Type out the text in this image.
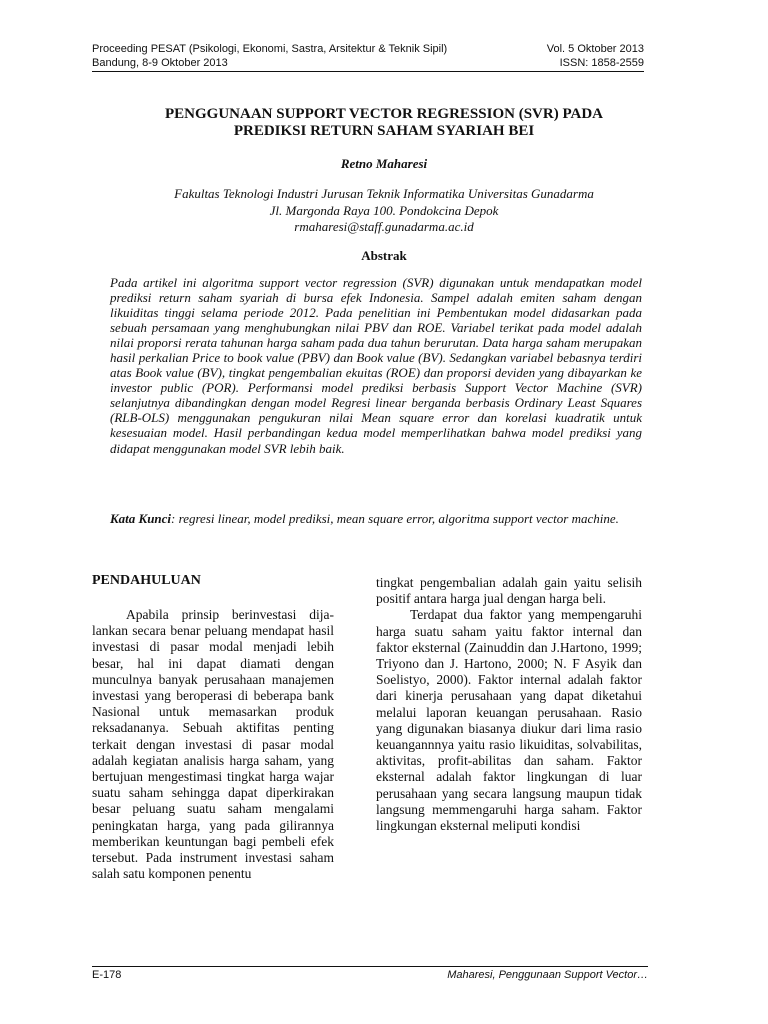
Proceeding PESAT (Psikologi, Ekonomi, Sastra, Arsitektur & Teknik Sipil)	Vol. 5 Oktober 2013
Bandung, 8-9 Oktober 2013	ISSN: 1858-2559
PENGGUNAAN SUPPORT VECTOR REGRESSION (SVR) PADA
PREDIKSI RETURN SAHAM SYARIAH BEI
Retno Maharesi
Fakultas Teknologi Industri Jurusan Teknik Informatika Universitas Gunadarma
Jl. Margonda Raya 100. Pondokcina Depok
rmaharesi@staff.gunadarma.ac.id
Abstrak

Pada artikel ini algoritma support vector regression (SVR) digunakan untuk mendapatkan model prediksi return saham syariah di bursa efek Indonesia. Sampel adalah emiten saham dengan likuiditas tinggi selama periode 2012. Pada penelitian ini Pembentukan model didasarkan pada sebuah persamaan yang menghubungkan nilai PBV dan ROE. Variabel terikat pada model adalah nilai proporsi rerata tahunan harga saham pada dua tahun berurutan. Data harga saham merupakan hasil perkalian Price to book value (PBV) dan Book value (BV). Sedangkan variabel bebasnya terdiri atas Book value (BV), tingkat pengembalian ekuitas (ROE) dan proporsi deviden yang dibayarkan ke investor public (POR). Performansi model prediksi berbasis Support Vector Machine (SVR) selanjutnya dibandingkan dengan model Regresi linear berganda berbasis Ordinary Least Squares (RLB-OLS) menggunakan pengukuran nilai Mean square error dan korelasi kuadratik untuk kesesuaian model. Hasil perbandingan kedua model memperlihatkan bahwa model prediksi yang didapat menggunakan model SVR lebih baik.

Kata Kunci: regresi linear, model prediksi, mean square error, algoritma support vector machine.

PENDAHULUAN

Apabila prinsip berinvestasi dijalankan secara benar peluang mendapat hasil investasi di pasar modal menjadi lebih besar, hal ini dapat diamati dengan munculnya banyak perusahaan manajemen investasi yang beroperasi di beberapa bank Nasional untuk memasarkan produk reksadananya. Sebuah aktifitas penting terkait dengan investasi di pasar modal adalah kegiatan analisis harga saham, yang bertujuan mengestimasi tingkat harga wajar suatu saham sehingga dapat diperkirakan besar peluang suatu saham mengalami peningkatan harga, yang pada gilirannya memberikan keuntungan bagi pembeli efek tersebut. Pada instrument investasi saham salah satu komponen penentu

tingkat pengembalian adalah gain yaitu selisih positif antara harga jual dengan harga beli.

Terdapat dua faktor yang mempengaruhi harga suatu saham yaitu faktor internal dan faktor eksternal (Zainuddin dan J.Hartono, 1999; Triyono dan J. Hartono, 2000; N. F Asyik dan Soelistyo, 2000). Faktor internal adalah faktor dari kinerja perusahaan yang dapat diketahui melalui laporan keuangan perusahaan. Rasio yang digunakan biasanya diukur dari lima rasio keuangannnya yaitu rasio likuiditas, solvabilitas, aktivitas, profit-abilitas dan saham. Faktor eksternal adalah faktor lingkungan di luar perusahaan yang secara langsung maupun tidak langsung memmengaruhi harga saham. Faktor lingkungan eksternal meliputi kondisi

E-178	Maharesi, Penggunaan Support Vector…
